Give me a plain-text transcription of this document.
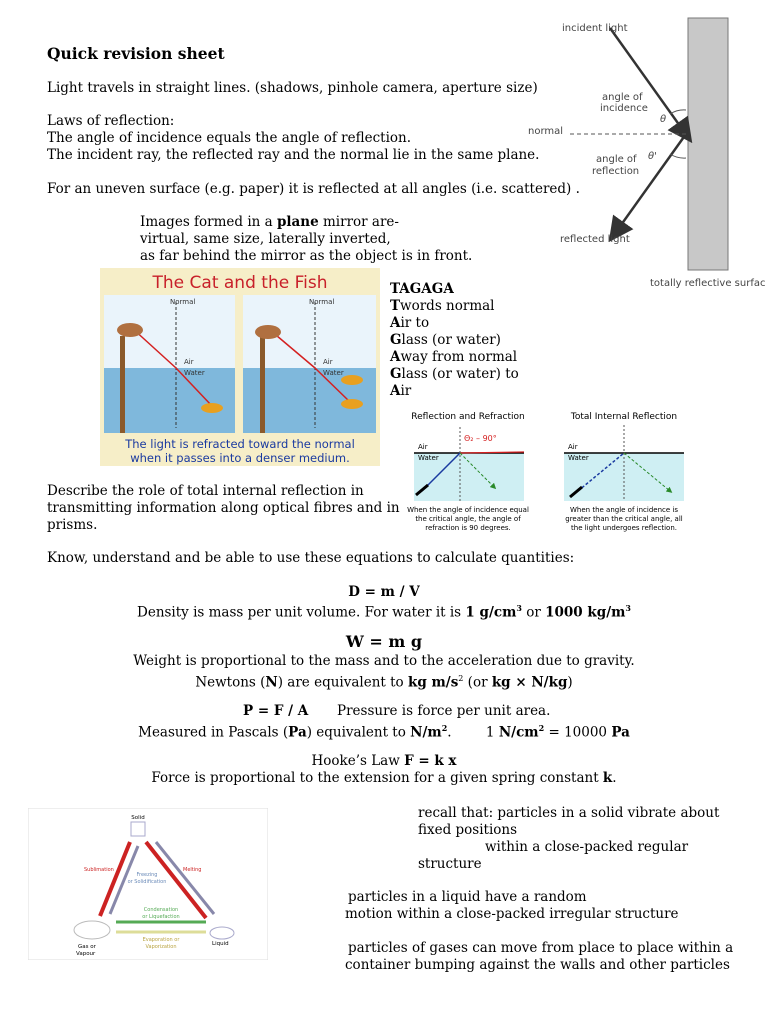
Quick revision sheet
Light travels in straight lines. (shadows, pinhole camera, aperture size)
Laws of reflection:
The angle of incidence equals the angle of reflection.
The incident ray, the reflected ray and the normal lie in the same plane.
For an uneven surface (e.g. paper) it is reflected at all angles (i.e. scattered) .
Images formed in a plane mirror are-
virtual, same size, laterally inverted,
as far behind the mirror as the object is in front.
incident light
angle of
incidence
θ
normal
θ'
angle of
reflection
reflected light
totally reflective surfac
The Cat and the Fish
Normal
Air
Water
Normal
Air
Water
The light is refracted toward the normal
when it passes into a denser medium.
TAGAGA
Twords normal
Air to
Glass (or water)
Away from normal
Glass (or water) to
Air
Reflection and Refraction	Total Internal Reflection
Θ₂ – 90°
Air
Water
When the angle of incidence equal
the critical angle, the angle of
refraction is 90 degrees.
Air
Water
When the angle of incidence is
greater than the critical angle, all
the light undergoes reflection.
Describe the role of total internal reflection in
transmitting information along optical fibres and in
prisms.
Know, understand and be able to use these equations to calculate quantities:
D = m / V
Density is mass per unit volume. For water it is 1 $g/cm^3$ or 1000 $kg/m^3$
W = m g
Weight is proportional to the mass and to the acceleration due to gravity.
Newtons (N) are equivalent to kg $m/s^2$ (or kg × N/kg)
P = F / A Pressure is force per unit area.
Measured in Pascals (Pa) equivalent to $N/m^2$.        1 $N/cm^2 = 10000$ Pa
Hooke’s Law F = k x
Force is proportional to the extension for a given spring constant k.
Solid
Liquid
Gas or
Vapour
Sublimation	Melting
Freezing
or Solidification
Condensation
or Liquefaction
Evaporation or
Vaporization
recall that: particles in a solid vibrate about
fixed positions
within a close-packed regular
structure
particles in a liquid have a random
motion within a close-packed irregular structure
particles of gases can move from place to place within a
container bumping against the walls and other particles
